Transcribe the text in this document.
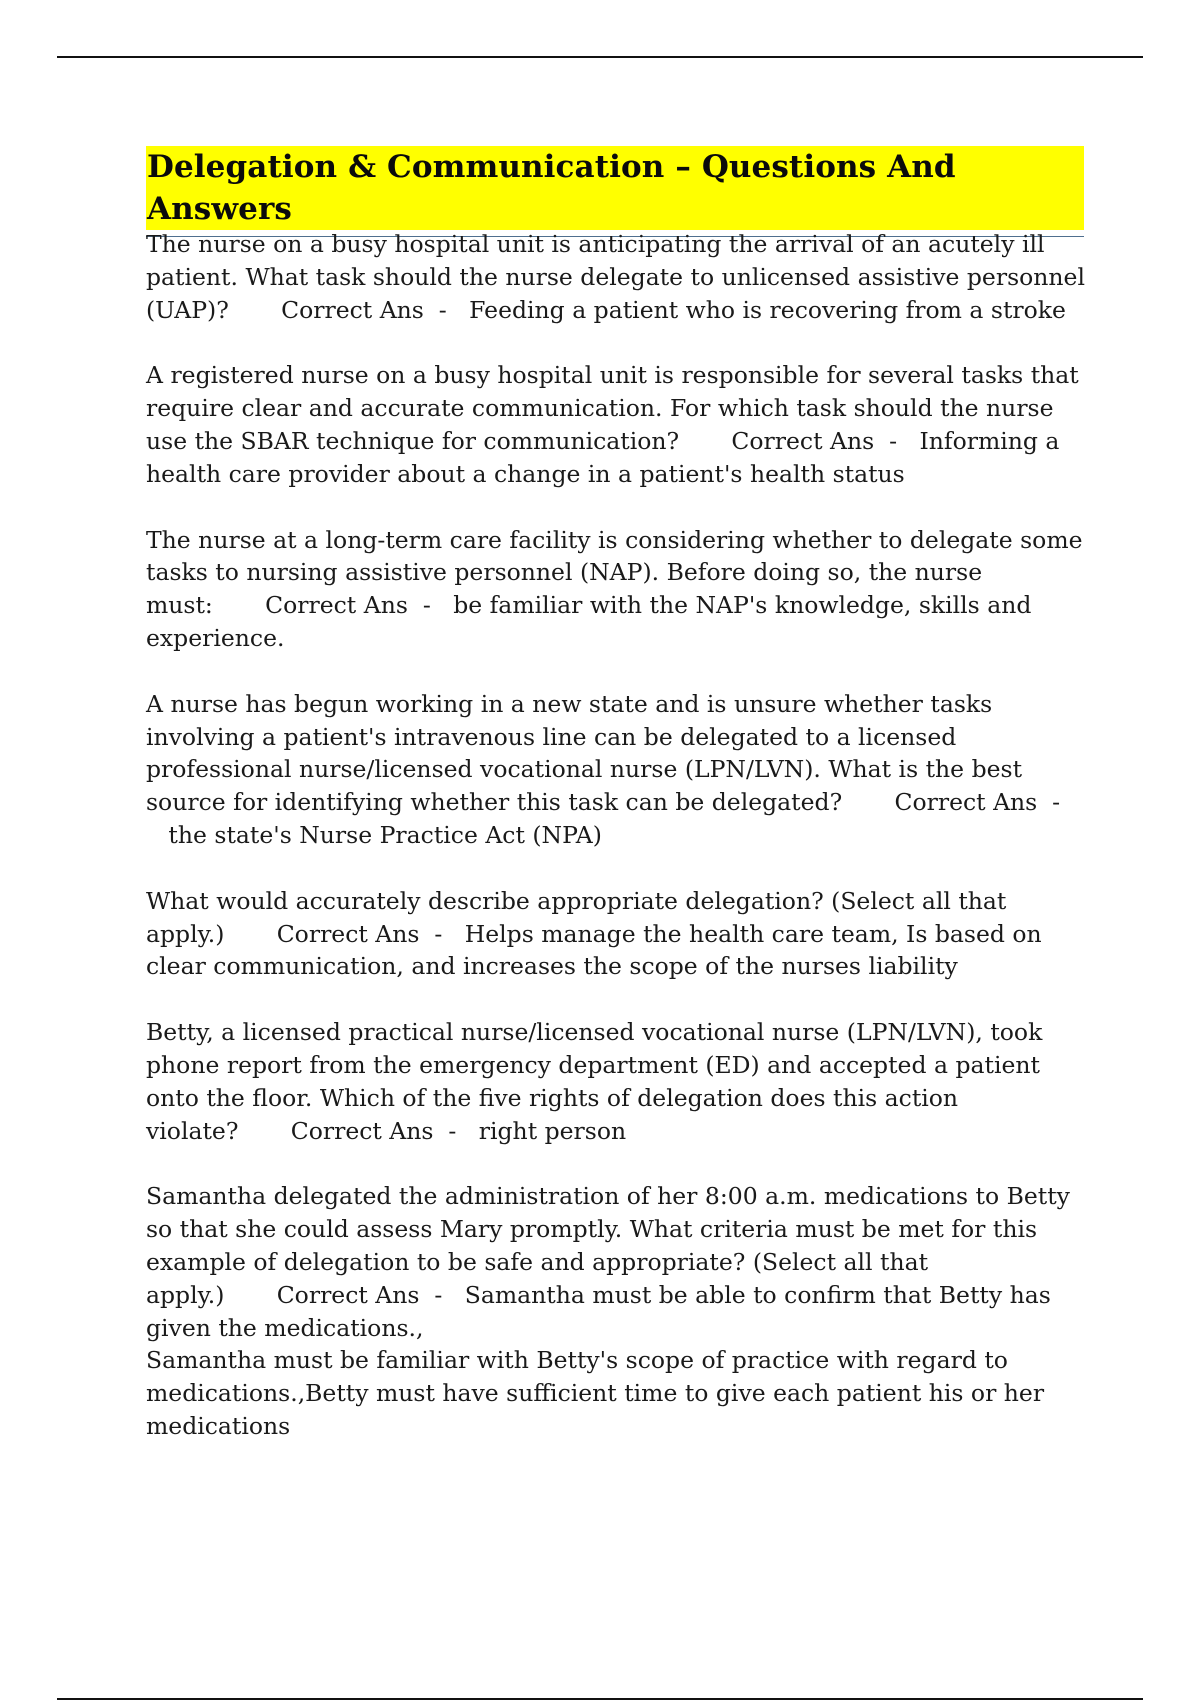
Delegation & Communication – Questions And Answers

The nurse on a busy hospital unit is anticipating the arrival of an acutely ill patient. What task should the nurse delegate to unlicensed assistive personnel (UAP)? Correct Ans  - Feeding a patient who is recovering from a stroke

A registered nurse on a busy hospital unit is responsible for several tasks that require clear and accurate communication. For which task should the nurse use the SBAR technique for communication? Correct Ans  - Informing a health care provider about a change in a patient's health status

The nurse at a long-term care facility is considering whether to delegate some tasks to nursing assistive personnel (NAP). Before doing so, the nurse must: Correct Ans  - be familiar with the NAP's knowledge, skills and experience.

A nurse has begun working in a new state and is unsure whether tasks involving a patient's intravenous line can be delegated to a licensed professional nurse/licensed vocational nurse (LPN/LVN). What is the best source for identifying whether this task can be delegated? Correct Ans  -   the state's Nurse Practice Act (NPA)

What would accurately describe appropriate delegation? (Select all that apply.) Correct Ans  - Helps manage the health care team, Is based on clear communication, and increases the scope of the nurses liability

Betty, a licensed practical nurse/licensed vocational nurse (LPN/LVN), took phone report from the emergency department (ED) and accepted a patient onto the floor. Which of the five rights of delegation does this action violate? Correct Ans  - right person

Samantha delegated the administration of her 8:00 a.m. medications to Betty so that she could assess Mary promptly. What criteria must be met for this example of delegation to be safe and appropriate? (Select all that apply.) Correct Ans  - Samantha must be able to confirm that Betty has given the medications.,
Samantha must be familiar with Betty's scope of practice with regard to medications.,Betty must have sufficient time to give each patient his or her medications
